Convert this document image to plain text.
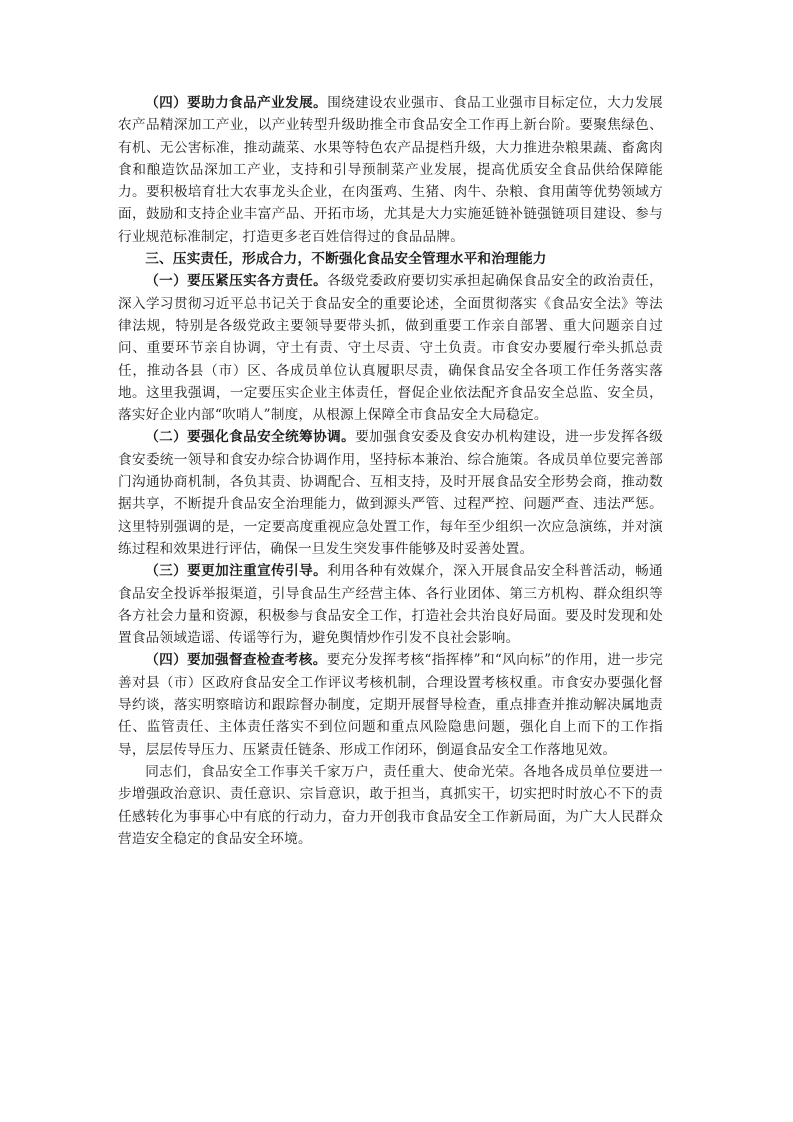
（四）要助力食品产业发展。围绕建设农业强市、食品工业强市目标定位，大力发展农产品精深加工产业，以产业转型升级助推全市食品安全工作再上新台阶。要聚焦绿色、有机、无公害标准，推动蔬菜、水果等特色农产品提档升级，大力推进杂粮果蔬、畜禽肉食和酿造饮品深加工产业，支持和引导预制菜产业发展，提高优质安全食品供给保障能力。要积极培育壮大农事龙头企业，在肉蛋鸡、生猪、肉牛、杂粮、食用菌等优势领域方面，鼓励和支持企业丰富产品、开拓市场，尤其是大力实施延链补链强链项目建设、参与行业规范标准制定，打造更多老百姓信得过的食品品牌。

三、压实责任，形成合力，不断强化食品安全管理水平和治理能力

（一）要压紧压实各方责任。各级党委政府要切实承担起确保食品安全的政治责任，深入学习贯彻习近平总书记关于食品安全的重要论述，全面贯彻落实《食品安全法》等法律法规，特别是各级党政主要领导要带头抓，做到重要工作亲自部署、重大问题亲自过问、重要环节亲自协调，守土有责、守土尽责、守土负责。市食安办要履行牵头抓总责任，推动各县（市）区、各成员单位认真履职尽责，确保食品安全各项工作任务落实落地。这里我强调，一定要压实企业主体责任，督促企业依法配齐食品安全总监、安全员，落实好企业内部“吹哨人”制度，从根源上保障全市食品安全大局稳定。

（二）要强化食品安全统筹协调。要加强食安委及食安办机构建设，进一步发挥各级食安委统一领导和食安办综合协调作用，坚持标本兼治、综合施策。各成员单位要完善部门沟通协商机制，各负其责、协调配合、互相支持，及时开展食品安全形势会商，推动数据共享，不断提升食品安全治理能力，做到源头严管、过程严控、问题严查、违法严惩。这里特别强调的是，一定要高度重视应急处置工作，每年至少组织一次应急演练，并对演练过程和效果进行评估，确保一旦发生突发事件能够及时妥善处置。

（三）要更加注重宣传引导。利用各种有效媒介，深入开展食品安全科普活动，畅通食品安全投诉举报渠道，引导食品生产经营主体、各行业团体、第三方机构、群众组织等各方社会力量和资源，积极参与食品安全工作，打造社会共治良好局面。要及时发现和处置食品领域造谣、传谣等行为，避免舆情炒作引发不良社会影响。

（四）要加强督查检查考核。要充分发挥考核“指挥棒”和“风向标”的作用，进一步完善对县（市）区政府食品安全工作评议考核机制，合理设置考核权重。市食安办要强化督导约谈，落实明察暗访和跟踪督办制度，定期开展督导检查，重点排查并推动解决属地责任、监管责任、主体责任落实不到位问题和重点风险隐患问题，强化自上而下的工作指导，层层传导压力、压紧责任链条、形成工作闭环，倒逼食品安全工作落地见效。

同志们，食品安全工作事关千家万户，责任重大、使命光荣。各地各成员单位要进一步增强政治意识、责任意识、宗旨意识，敢于担当，真抓实干，切实把时时放心不下的责任感转化为事事心中有底的行动力，奋力开创我市食品安全工作新局面，为广大人民群众营造安全稳定的食品安全环境。
